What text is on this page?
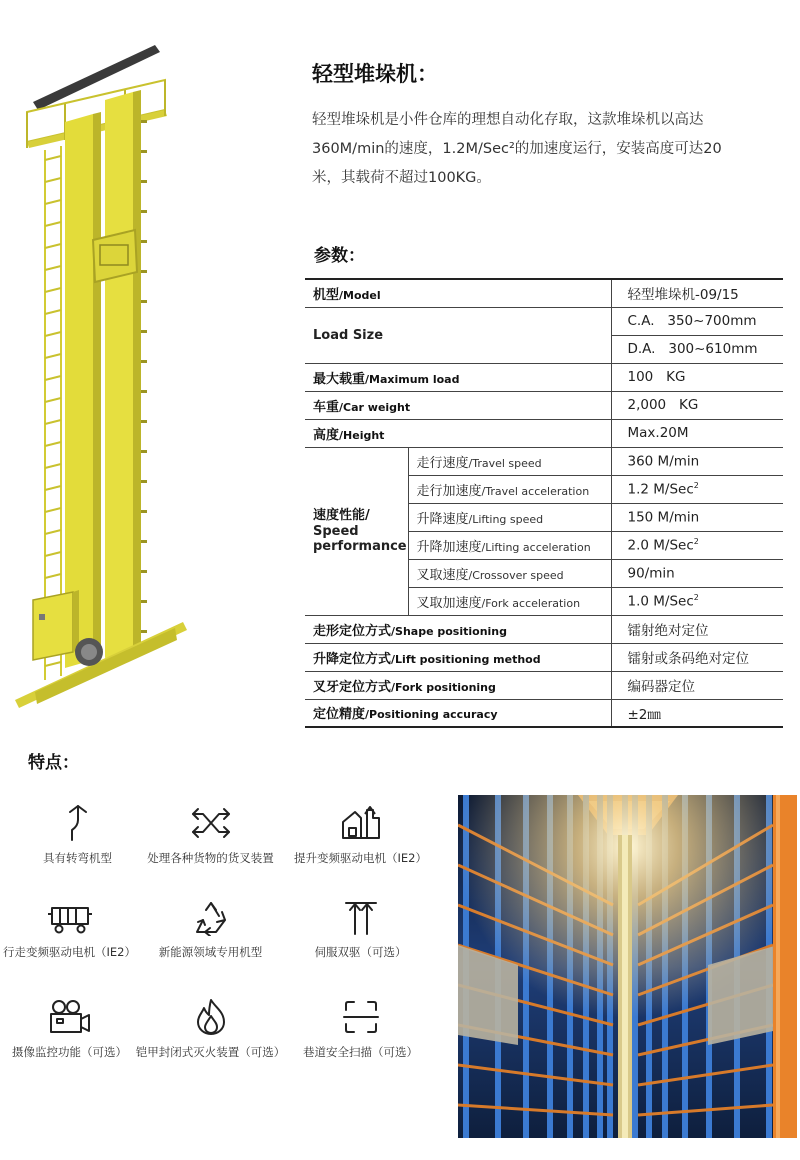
轻型堆垛机：
轻型堆垛机是小件仓库的理想自动化存取，这款堆垛机以高达
360M/min的速度，1.2M/Sec²的加速度运行，安装高度可达20
米，其载荷不超过100KG。
参数：
机型/Model		轻型堆垛机-09/15
Load Size		C.A.   350~700mm
		D.A.   300~610mm
最大载重/Maximum load		100   KG
车重/Car weight		2,000   KG
高度/Height		Max.20M

速度性能/
Speed
performance	走行速度/Travel speed	360 M/min
	走行加速度/Travel acceleration	1.2 M/Sec$^2$
	升降速度/Lifting speed	150 M/min
	升降加速度/Lifting acceleration	2.0 M/Sec$^2$
	叉取速度/Crossover speed	90/min
	叉取加速度/Fork acceleration	1.0 M/Sec$^2$
走形定位方式/Shape positioning		镭射绝对定位
升降定位方式/Lift positioning method		镭射或条码绝对定位
叉牙定位方式/Fork positioning		编码器定位
定位精度/Positioning accuracy		±2㎜
特点：
具有转弯机型	处理各种货物的货叉装置	提升变频驱动电机（IE2）
行走变频驱动电机（IE2）	新能源领域专用机型	伺服双驱（可选）
摄像监控功能（可选） 铠甲封闭式灭火装置（可选）	巷道安全扫描（可选）
